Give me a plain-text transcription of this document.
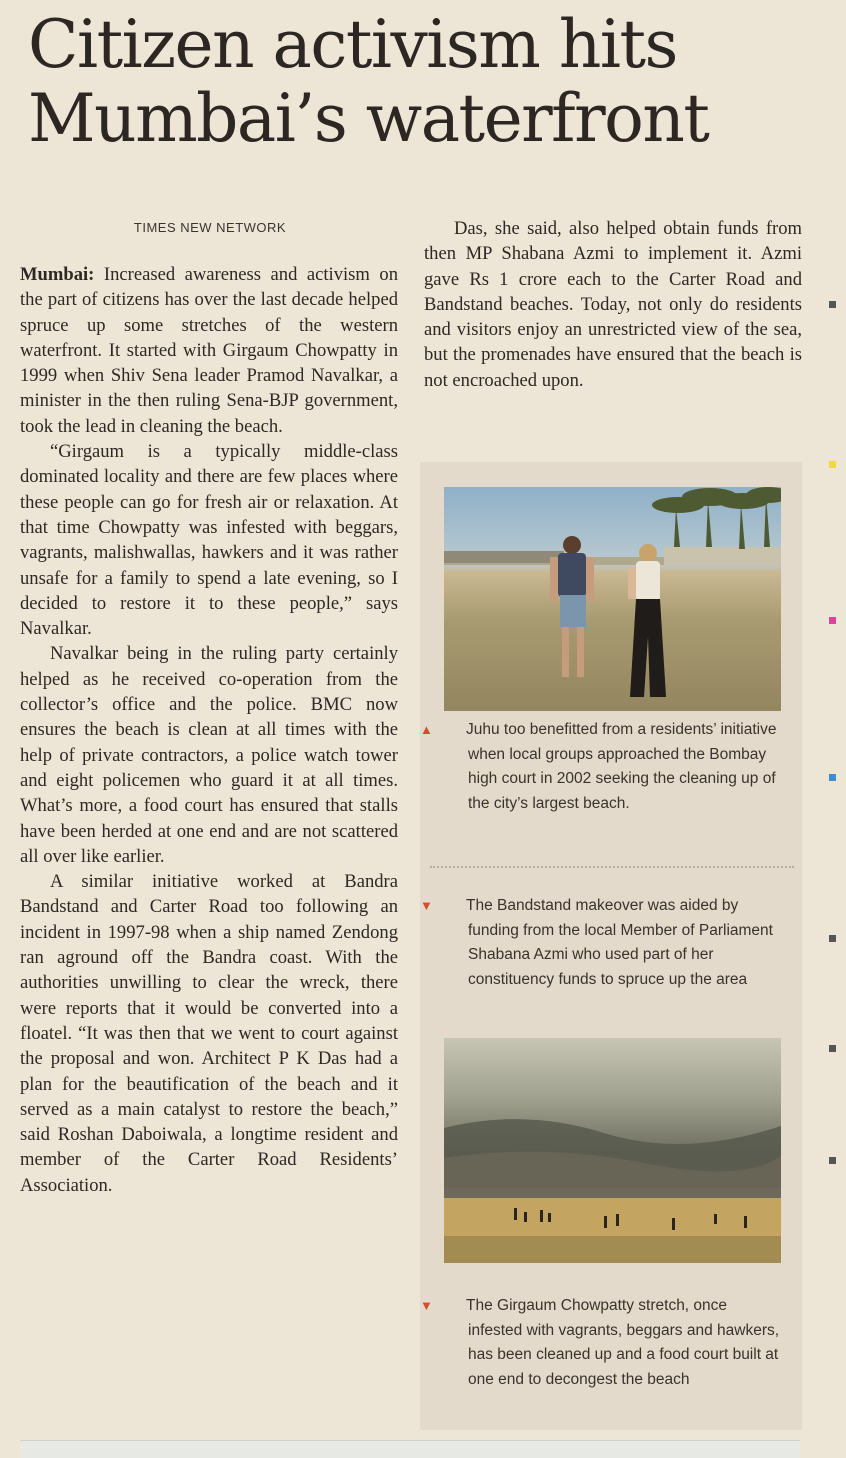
Citizen activism hits Mumbai’s waterfront
TIMES NEW NETWORK

Mumbai: Increased awareness and activism on the part of citizens has over the last decade helped spruce up some stretches of the western waterfront. It started with Girgaum Chowpatty in 1999 when Shiv Sena leader Pramod Navalkar, a minister in the then ruling Sena-BJP government, took the lead in cleaning the beach.

“Girgaum is a typically middle-class dominated locality and there are few places where these people can go for fresh air or relaxation. At that time Chowpatty was infested with beggars, vagrants, malishwallas, hawkers and it was rather unsafe for a family to spend a late evening, so I decided to restore it to these people,” says Navalkar.

Navalkar being in the ruling party certainly helped as he received co-operation from the collector’s office and the police. BMC now ensures the beach is clean at all times with the help of private contractors, a police watch tower and eight policemen who guard it at all times. What’s more, a food court has ensured that stalls have been herded at one end and are not scattered all over like earlier.

A similar initiative worked at Bandra Bandstand and Carter Road too following an incident in 1997-98 when a ship named Zendong ran aground off the Bandra coast. With the authorities unwilling to clear the wreck, there were reports that it would be converted into a floatel. “It was then that we went to court against the proposal and won. Architect P K Das had a plan for the beautification of the beach and it served as a main catalyst to restore the beach,” said Roshan Daboiwala, a longtime resident and member of the Carter Road Residents’ Association.

Das, she said, also helped obtain funds from then MP Shabana Azmi to implement it. Azmi gave Rs 1 crore each to the Carter Road and Bandstand beaches. Today, not only do residents and visitors enjoy an unrestricted view of the sea, but the promenades have ensured that the beach is not encroached upon.

▲ Juhu too benefitted from a residents’ initiative when local groups approached the Bombay high court in 2002 seeking the cleaning up of the city’s largest beach.
▼ The Bandstand makeover was aided by funding from the local Member of Parliament Shabana Azmi who used part of her constituency funds to spruce up the area
▼ The Girgaum Chowpatty stretch, once infested with vagrants, beggars and hawkers, has been cleaned up and a food court built at one end to decongest the beach
